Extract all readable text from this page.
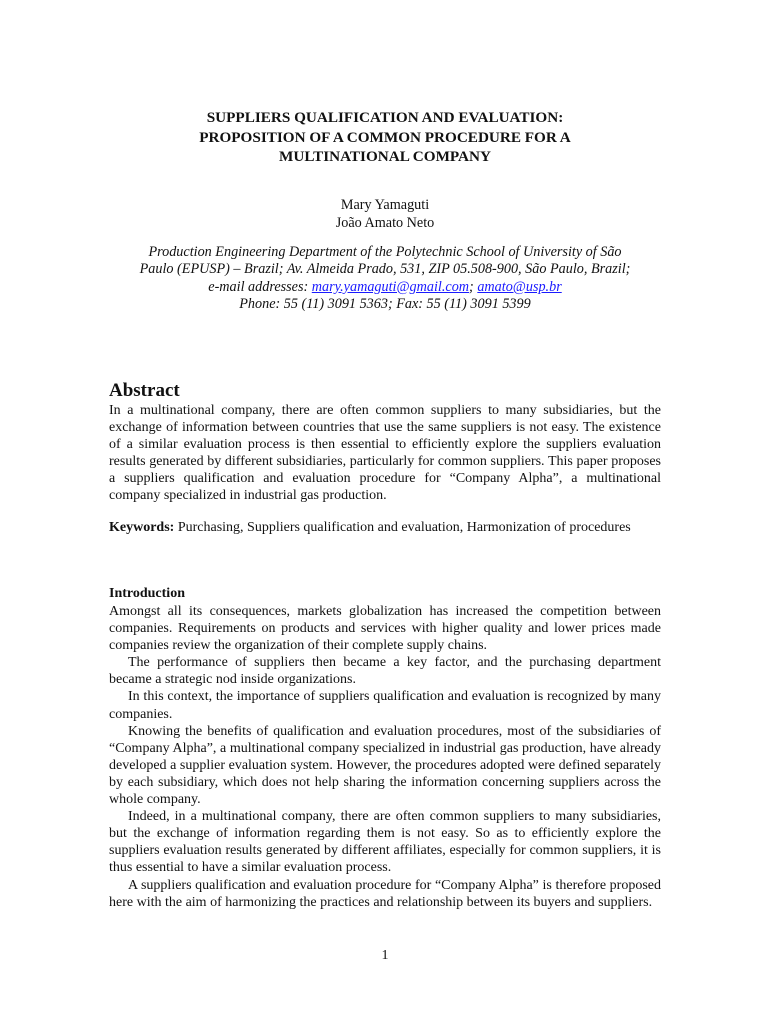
SUPPLIERS QUALIFICATION AND EVALUATION:
PROPOSITION OF A COMMON PROCEDURE FOR A
MULTINATIONAL COMPANY
Mary Yamaguti
João Amato Neto
Production Engineering Department of the Polytechnic School of University of São
Paulo (EPUSP) – Brazil; Av. Almeida Prado, 531, ZIP 05.508-900, São Paulo, Brazil;
e-mail addresses: mary.yamaguti@gmail.com; amato@usp.br
Phone: 55 (11) 3091 5363; Fax: 55 (11) 3091 5399
Abstract
In a multinational company, there are often common suppliers to many subsidiaries, but the exchange of information between countries that use the same suppliers is not easy. The existence of a similar evaluation process is then essential to efficiently explore the suppliers evaluation results generated by different subsidiaries, particularly for common suppliers. This paper proposes a suppliers qualification and evaluation procedure for “Company Alpha”, a multinational company specialized in industrial gas production.
Keywords: Purchasing, Suppliers qualification and evaluation, Harmonization of procedures
Introduction

Amongst all its consequences, markets globalization has increased the competition between companies. Requirements on products and services with higher quality and lower prices made companies review the organization of their complete supply chains.

The performance of suppliers then became a key factor, and the purchasing department became a strategic nod inside organizations.

In this context, the importance of suppliers qualification and evaluation is recognized by many companies.

Knowing the benefits of qualification and evaluation procedures, most of the subsidiaries of “Company Alpha”, a multinational company specialized in industrial gas production, have already developed a supplier evaluation system. However, the procedures adopted were defined separately by each subsidiary, which does not help sharing the information concerning suppliers across the whole company.

Indeed, in a multinational company, there are often common suppliers to many subsidiaries, but the exchange of information regarding them is not easy. So as to efficiently explore the suppliers evaluation results generated by different affiliates, especially for common suppliers, it is thus essential to have a similar evaluation process.

A suppliers qualification and evaluation procedure for “Company Alpha” is therefore proposed here with the aim of harmonizing the practices and relationship between its buyers and suppliers.

1
